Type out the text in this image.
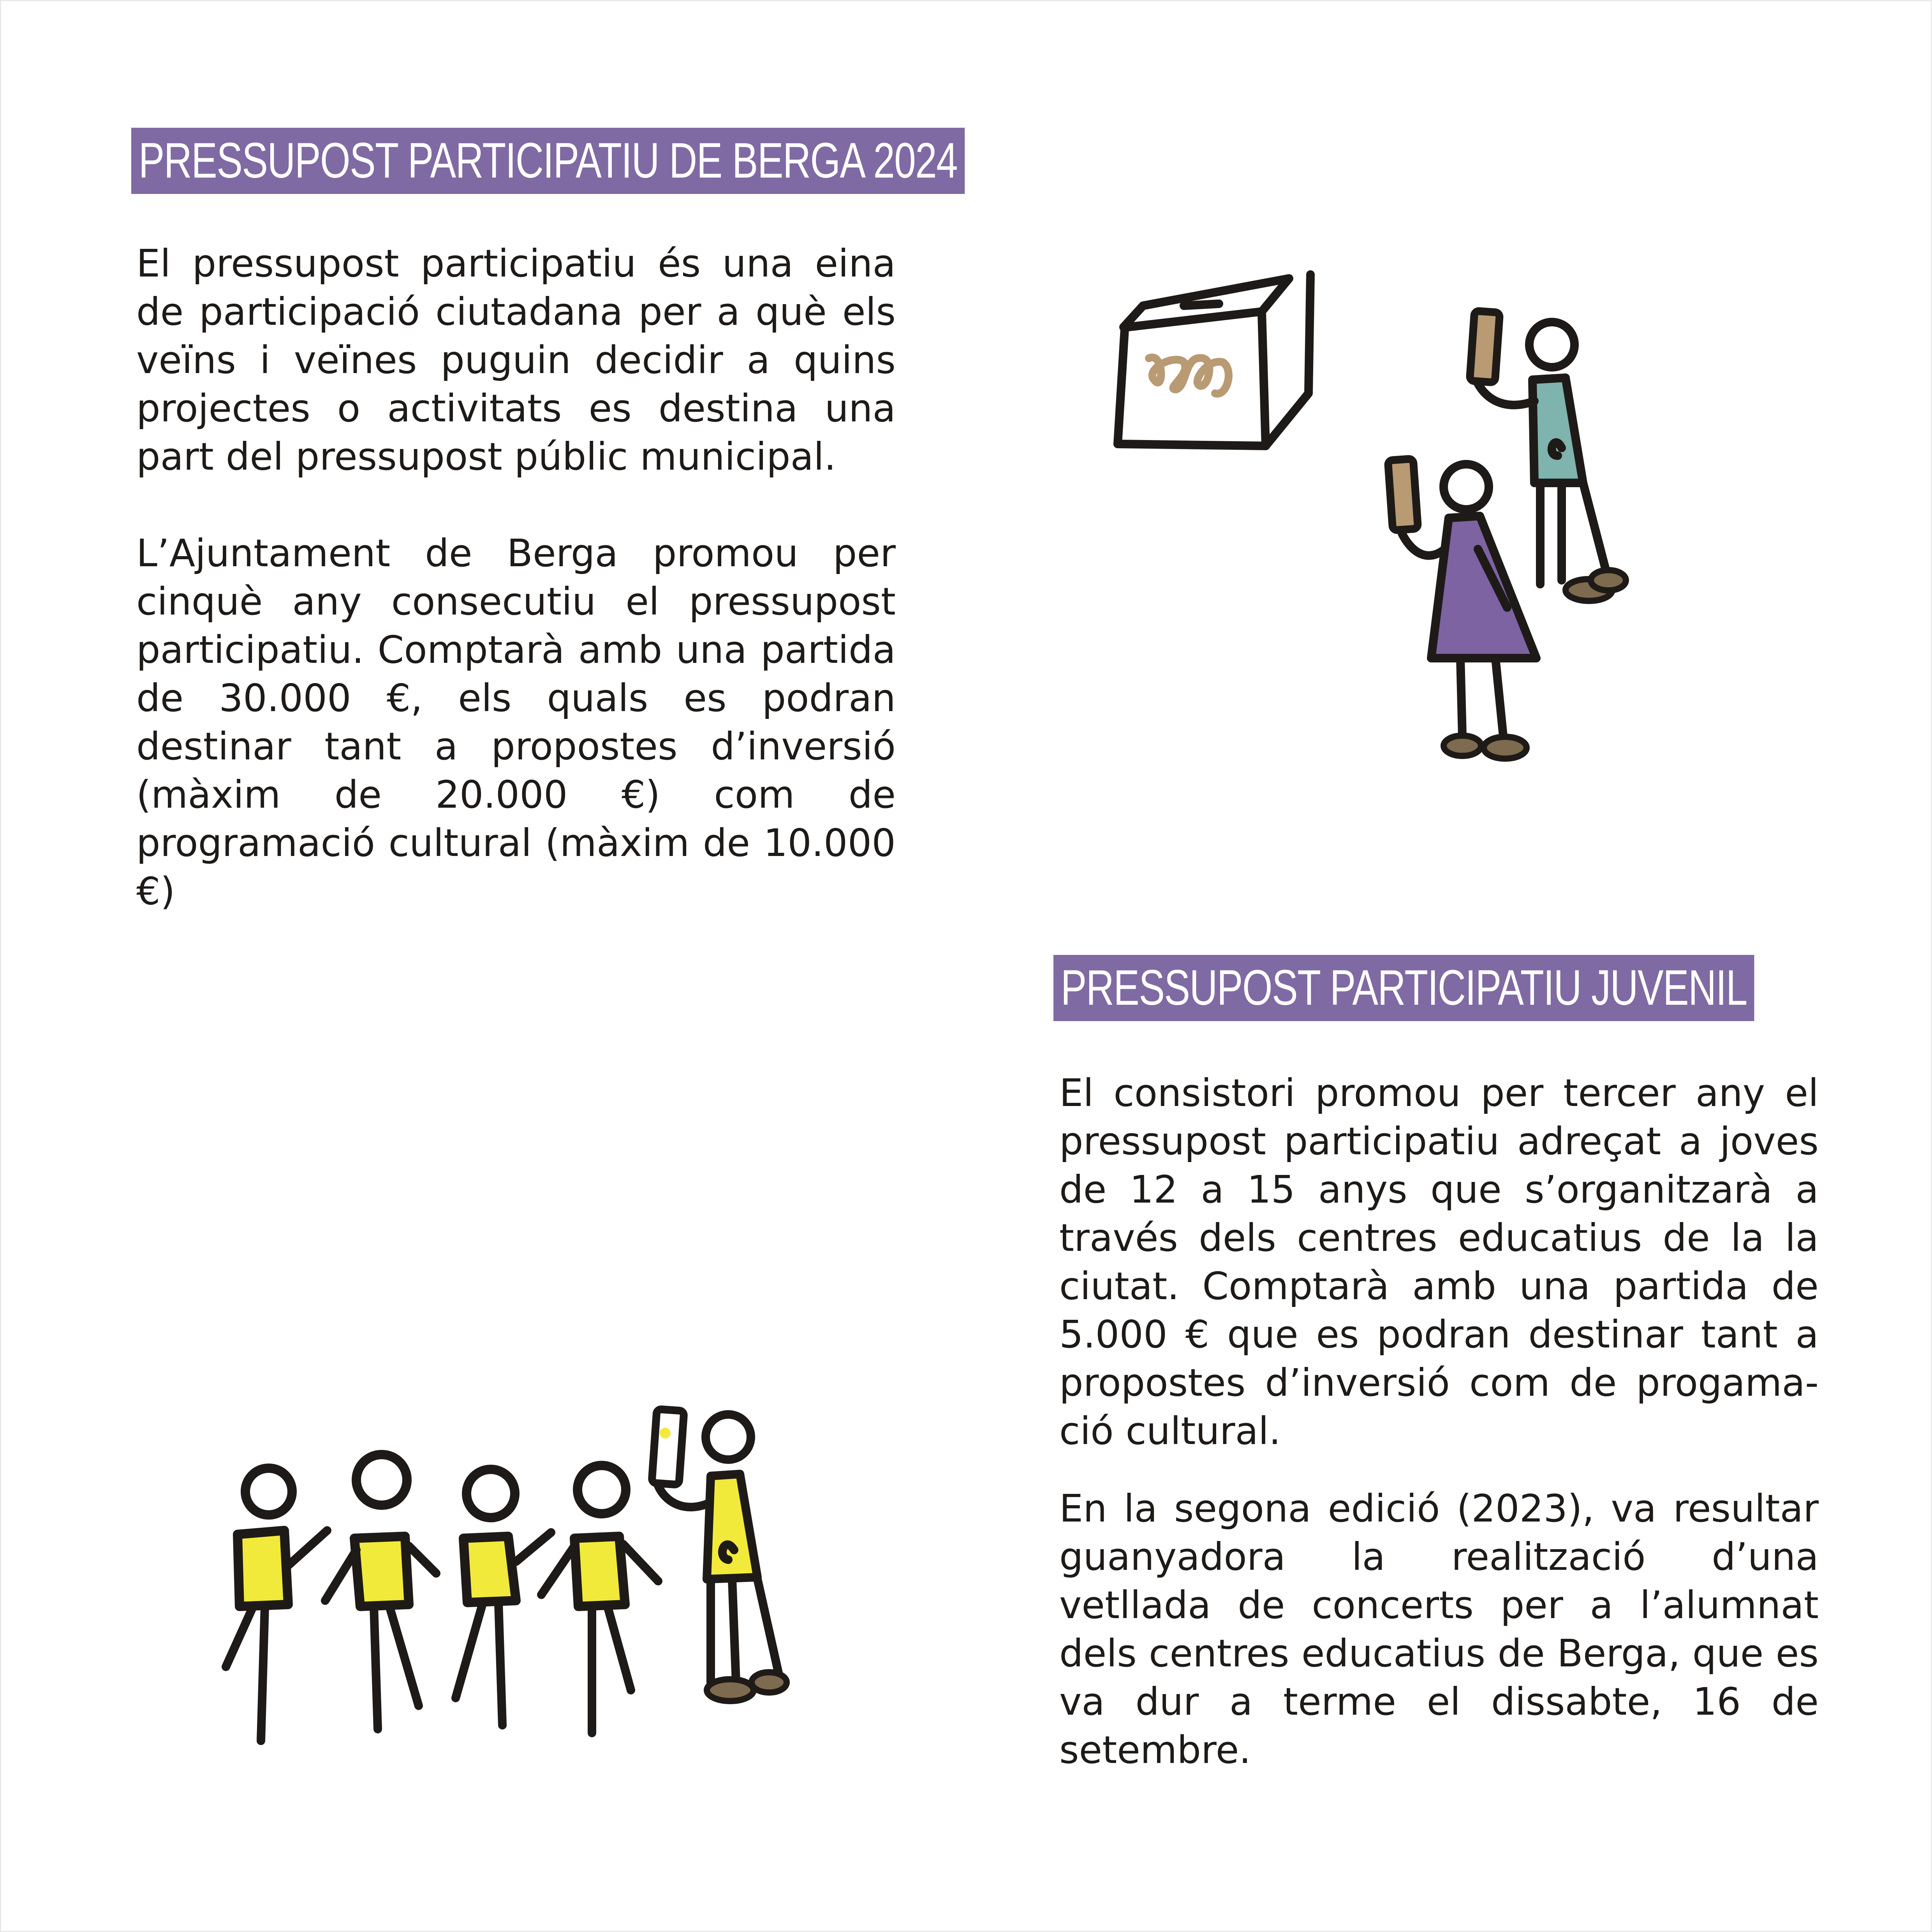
PRESSUPOST PARTICIPATIU DE BERGA 2024

El pressupost participatiu és una eina de participació ciutadana per a què els veïns i veïnes puguin decidir a quins projectes o activitats es destina una part del pressupost públic municipal.

L’Ajuntament de Berga promou per cinquè any consecutiu el pressupost participatiu. Comptarà amb una partida de 30.000 €, els quals es podran destinar tant a propostes d’inversió (màxim de 20.000 €) com de programació cultural (màxim de 10.000 €)

PRESSUPOST PARTICIPATIU JUVENIL

El consistori promou per tercer any el pressupost participatiu adreçat a joves de 12 a 15 anys que s’organitzarà a través dels centres educatius de la la ciutat. Comptarà amb una partida de 5.000 € que es podran destinar tant a propostes d’inversió com de progama-ció cultural.

En la segona edició (2023), va resultar guanyadora la realització d’una vetllada de concerts per a l’alumnat dels centres educatius de Berga, que es va dur a terme el dissabte, 16 de setembre.
